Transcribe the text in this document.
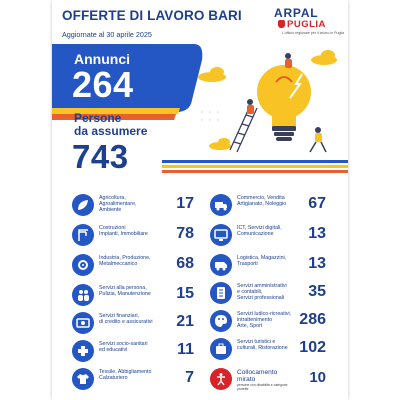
OFFERTE DI LAVORO BARI
Aggiornate al 30 aprile 2025
ARPAL
PUGLIA
L'ufficio regionale per il lavoro in Puglia
Annunci
264
Persone
da assumere
743
Agricoltura,
Agroalimentare,
Ambiente	17
Costruzioni
Impianti, Immobiliare 78
Industria, Produzione,
Metalmeccanico	68
Servizi alla persona,
Pulizia, Manutenzione 15
Servizi finanziari,
di credito e assicurativi 21
Servizi socio-sanitari
ed educativi	11
Tessile, Abbigliamento
Calzaturiero	7
Commercio, Vendita
Artigianato, Noleggio 67
ICT, Servizi digitali,
Comunicazione	13
Logistica, Magazzini,
Trasporti	13
Servizi amministrativi
e contabili,
Servizi professionali 35
Servizi ludico-ricreativi,
intrattenimento
Arte, Sport	286
Servizi turistici e
culturali, Ristorazione 102
Collocamento
mirato
persone con disabilità e categorie protette
10
